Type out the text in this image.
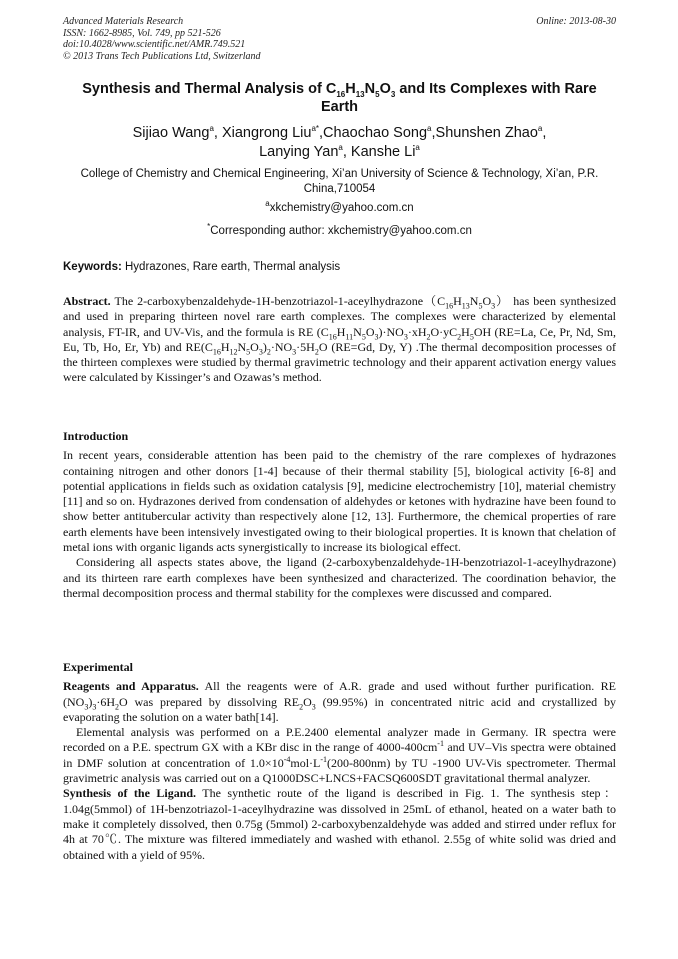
Advanced Materials Research
ISSN: 1662-8985, Vol. 749, pp 521-526
doi:10.4028/www.scientific.net/AMR.749.521
© 2013 Trans Tech Publications Ltd, Switzerland
Online: 2013-08-30
Synthesis and Thermal Analysis of $C_{16}H_{13}N_5O_3$ and Its Complexes with Rare Earth
Sijiao Wang$^a$, Xiangrong Liu$^{a*}$,Chaochao Song$^a$,Shunshen Zhao$^a$,
Lanying Yan$^a$, Kanshe Li$^a$
College of Chemistry and Chemical Engineering, Xi’an University of Science & Technology, Xi’an, P.R. China,710054
$^a$xkchemistry@yahoo.com.cn
*Corresponding author: xkchemistry@yahoo.com.cn
Keywords: Hydrazones, Rare earth, Thermal analysis

Abstract. The $2-carboxybenzaldehyde-1H-benzotriazol-1-aceylhydrazone(C_{16}H_{13}N_5O_3)$ has been synthesized and used in preparing thirteen novel rare earth complexes. The complexes were characterized by elemental analysis, FT-IR, and UV-Vis, and the formula is RE $(C_{16}H_{11}N_5O_3)\cdot NO_3\cdot xH_2O\cdot yC_2H_5OH$ (RE=La, Ce, Pr, Nd, Sm, Eu, Tb, Ho, Er, Yb) and $RE(C_{16}H_{12}N_5O_3)_2\cdot NO_3\cdot 5H_2O$ (RE=Gd, Dy, Y) .The thermal decomposition processes of the thirteen complexes were studied by thermal gravimetric technology and their apparent activation energy values were calculated by Kissinger’s and Ozawas’s method.

Introduction

In recent years, considerable attention has been paid to the chemistry of the rare complexes of hydrazones containing nitrogen and other donors [1-4] because of their thermal stability [5], biological activity [6-8] and potential applications in fields such as oxidation catalysis [9], medicine electrochemistry [10], material chemistry [11] and so on. Hydrazones derived from condensation of aldehydes or ketones with hydrazine have been found to show better antitubercular activity than respectively alone [12, 13]. Furthermore, the chemical properties of rare earth elements have been intensively investigated owing to their biological properties. It is known that chelation of metal ions with organic ligands acts synergistically to increase its biological effect.

Considering all aspects states above, the ligand (2-carboxybenzaldehyde-1H-benzotriazol-1-aceylhydrazone) and its thirteen rare earth complexes have been synthesized and characterized. The coordination behavior, the thermal decomposition process and thermal stability for the complexes were discussed and compared.

Experimental

Reagents and Apparatus. All the reagents were of A.R. grade and used without further purification. RE $(NO_3)_3\cdot 6H_2O$ was prepared by dissolving $RE_2O_3$ (99.95%) in concentrated nitric acid and crystallized by evaporating the solution on a water bath[14].

Elemental analysis was performed on a P.E.2400 elemental analyzer made in Germany. IR spectra were recorded on a P.E. spectrum GX with a KBr disc in the range of $4000-400cm^{-1}$ and UV–Vis spectra were obtained in DMF solution at concentration of $1.0\times 10^{-4}mol\cdot L^{-1}(200-800nm)$ by TU -1900 UV-Vis spectrometer. Thermal gravimetric analysis was carried out on a Q1000DSC+LNCS+FACSQ600SDT gravitational thermal analyzer.

Synthesis of the Ligand. The synthetic route of the ligand is described in Fig. 1. The synthesis step：1.04g(5mmol) of 1H-benzotriazol-1-aceylhydrazine was dissolved in 25mL of ethanol, heated on a water bath to make it completely dissolved, then 0.75g (5mmol) 2-carboxybenzaldehyde was added and stirred under reflux for 4h at 70℃. The mixture was filtered immediately and washed with ethanol. 2.55g of white solid was dried and obtained with a yield of 95%.
